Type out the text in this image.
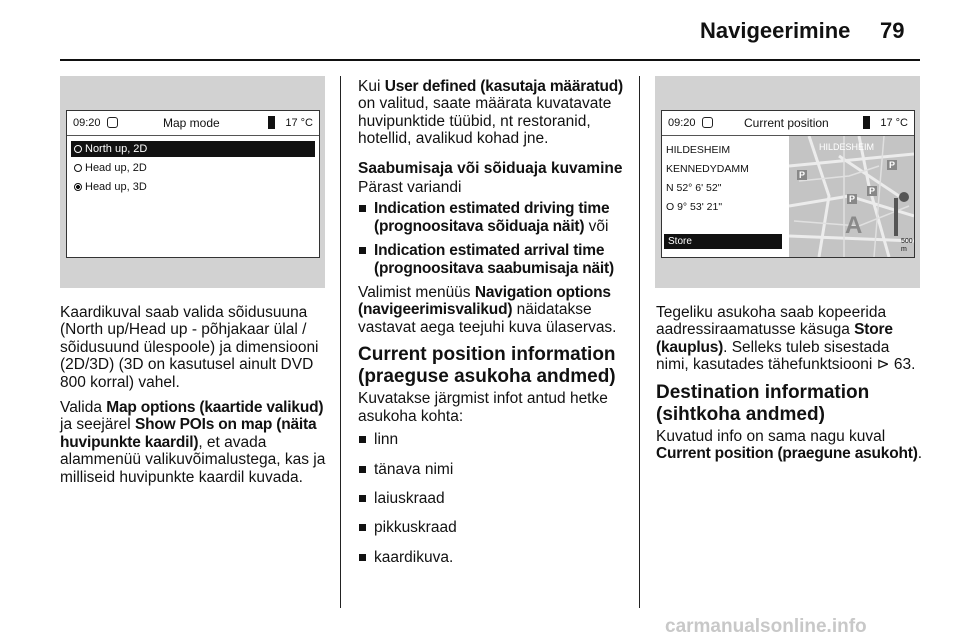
Navigeerimine 79
09:20	Map mode	17 °C
North up, 2D
Head up, 2D
Head up, 3D

Kaardikuval saab valida sõidusuuna (North up/Head up - põhjakaar ülal / sõidusuund ülespoole) ja dimensiooni (2D/3D) (3D on kasutusel ainult DVD 800 korral) vahel.

Valida Map options (kaartide valikud) ja seejärel Show POIs on map (näita huvipunkte kaardil), et avada alammenüü valikuvõimalustega, kas ja milliseid huvipunkte kaardil kuvada.

Kui User defined (kasutaja määratud) on valitud, saate määrata kuvatavate huvipunktide tüübid, nt restoranid, hotellid, avalikud kohad jne.

Saabumisaja või sõiduaja kuvamine

Pärast variandi

Indication estimated driving time (prognoositava sõiduaja näit) või
Indication estimated arrival time (prognoositava saabumisaja näit)

Valimist menüüs Navigation options (navigeerimisvalikud) näidatakse vastavat aega teejuhi kuva ülaservas.

Current position information (praeguse asukoha andmed)

Kuvatakse järgmist infot antud hetke asukoha kohta:

linn
tänava nimi
laiuskraad
pikkuskraad
kaardikuva.
09:20	Current position	17 °C
HILDESHEIM
KENNEDYDAMM
N 52° 6' 52"
O 9° 53' 21"
Store
HILDESHEIM
P
P
P
P
A
500
m

Tegeliku asukoha saab kopeerida aadressiraamatusse käsuga Store (kauplus). Selleks tuleb sisestada nimi, kasutades tähefunktsiooni ⊳ 63.

Destination information (sihtkoha andmed)

Kuvatud info on sama nagu kuval Current position (praegune asukoht).

carmanualsonline.info
